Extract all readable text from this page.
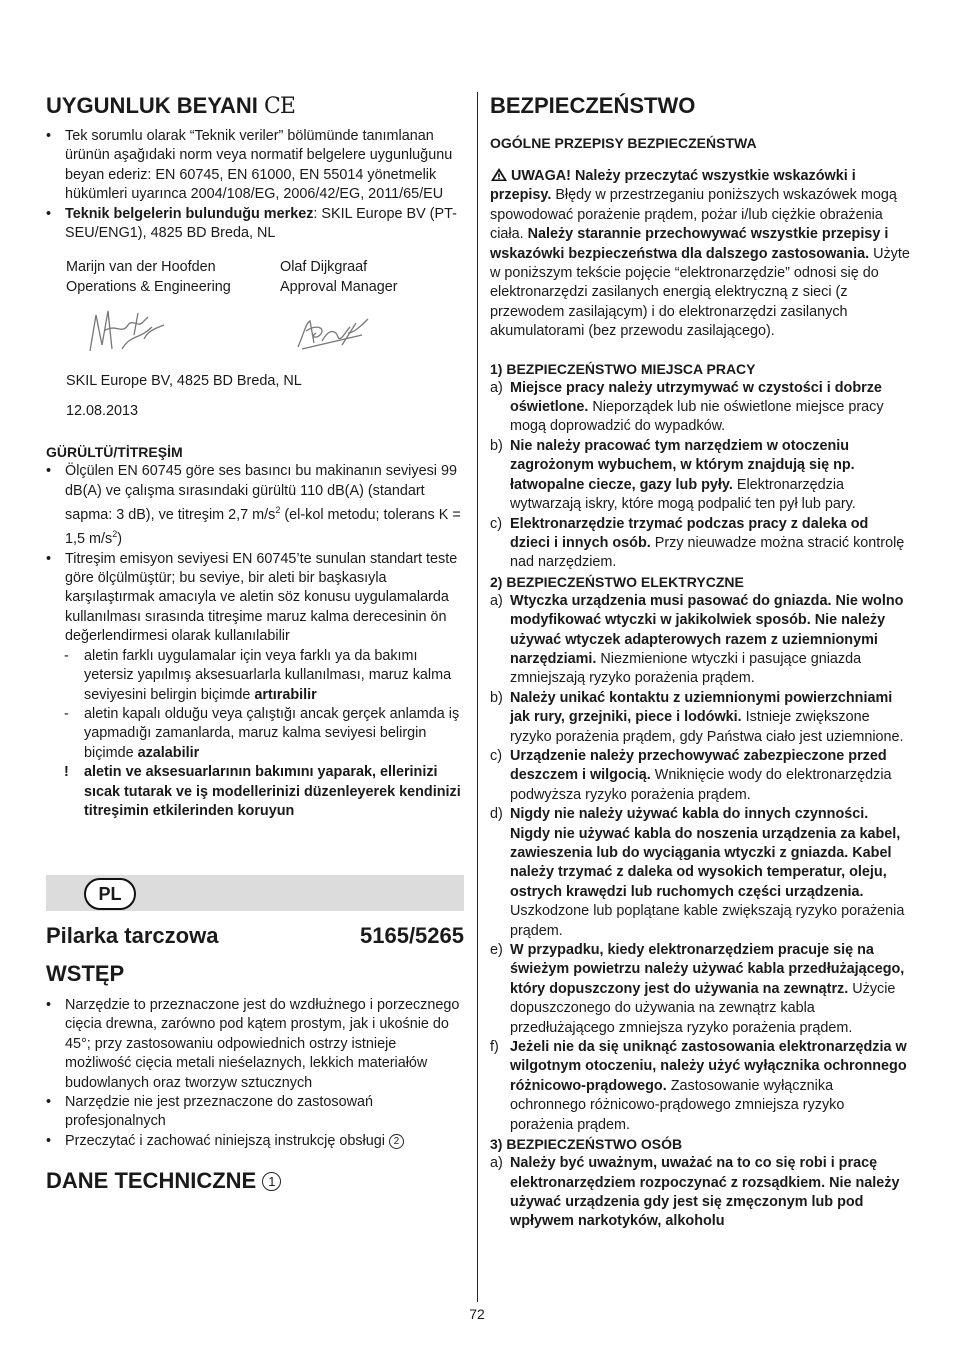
UYGUNLUK BEYANI CE
• Tek sorumlu olarak “Teknik veriler” bölümünde tanımlanan ürünün aşağıdaki norm veya normatif belgelere uygunluğunu beyan ederiz: EN 60745, EN 61000, EN 55014 yönetmelik hükümleri uyarınca 2004/108/EG, 2006/42/EG, 2011/65/EU
• Teknik belgelerin bulunduğu merkez: SKIL Europe BV (PT-SEU/ENG1), 4825 BD Breda, NL
Marijn van der Hoofden
Operations & Engineering
Olaf Dijkgraaf
Approval Manager
SKIL Europe BV, 4825 BD Breda, NL
12.08.2013
GÜRÜLTÜ/TİTREŞİM
• Ölçülen EN 60745 göre ses basıncı bu makinanın seviyesi 99 dB(A) ve çalışma sırasındaki gürültü 110 dB(A) (standart sapma: 3 dB), ve titreşim 2,7 $m/s^2$ (el-kol metodu; tolerans K = 1,5 $m/s^2$)
• Titreşim emisyon seviyesi EN 60745’te sunulan standart teste göre ölçülmüştür; bu seviye, bir aleti bir başkasıyla karşılaştırmak amacıyla ve aletin söz konusu uygulamalarda kullanılması sırasında titreşime maruz kalma derecesinin ön değerlendirmesi olarak kullanılabilir
- aletin farklı uygulamalar için veya farklı ya da bakımı yetersiz yapılmış aksesuarlarla kullanılması, maruz kalma seviyesini belirgin biçimde artırabilir
- aletin kapalı olduğu veya çalıştığı ancak gerçek anlamda iş yapmadığı zamanlarda, maruz kalma seviyesi belirgin biçimde azalabilir
! aletin ve aksesuarlarının bakımını yaparak, ellerinizi sıcak tutarak ve iş modellerinizi düzenleyerek kendinizi titreşimin etkilerinden koruyun
PL
Pilarka tarczowa	5165/5265
WSTĘP
• Narzędzie to przeznaczone jest do wzdłużnego i porzecznego cięcia drewna, zarówno pod kątem prostym, jak i ukośnie do 45°; przy zastosowaniu odpowiednich ostrzy istnieje możliwość cięcia metali nieśelaznych, lekkich materiałów budowlanych oraz tworzyw sztucznych
• Narzędzie nie jest przeznaczone do zastosowań profesjonalnych
• Przeczytać i zachować niniejszą instrukcję obsługi 2
DANE TECHNICZNE 1
BEZPIECZEŃSTWO
OGÓLNE PRZEPISY BEZPIECZEŃSTWA
UWAGA! Należy przeczytać wszystkie wskazówki i przepisy. Błędy w przestrzeganiu poniższych wskazówek mogą spowodować porażenie prądem, pożar i/lub ciężkie obrażenia ciała. Należy starannie przechowywać wszystkie przepisy i wskazówki bezpieczeństwa dla dalszego zastosowania. Użyte w poniższym tekście pojęcie “elektronarzędzie” odnosi się do elektronarzędzi zasilanych energią elektryczną z sieci (z przewodem zasilającym) i do elektronarzędzi zasilanych akumulatorami (bez przewodu zasilającego).
1) BEZPIECZEŃSTWO MIEJSCA PRACY
a) Miejsce pracy należy utrzymywać w czystości i dobrze oświetlone. Nieporządek lub nie oświetlone miejsce pracy mogą doprowadzić do wypadków.
b) Nie należy pracować tym narzędziem w otoczeniu zagrożonym wybuchem, w którym znajdują się np. łatwopalne ciecze, gazy lub pyły. Elektronarzędzia wytwarzają iskry, które mogą podpalić ten pył lub pary.
c) Elektronarzędzie trzymać podczas pracy z daleka od dzieci i innych osób. Przy nieuwadze można stracić kontrolę nad narzędziem.
2) BEZPIECZEŃSTWO ELEKTRYCZNE
a) Wtyczka urządzenia musi pasować do gniazda. Nie wolno modyfikować wtyczki w jakikolwiek sposób. Nie należy używać wtyczek adapterowych razem z uziemnionymi narzędziami. Niezmienione wtyczki i pasujące gniazda zmniejszają ryzyko porażenia prądem.
b) Należy unikać kontaktu z uziemnionymi powierzchniami jak rury, grzejniki, piece i lodówki. Istnieje zwiększone ryzyko porażenia prądem, gdy Państwa ciało jest uziemnione.
c) Urządzenie należy przechowywać zabezpieczone przed deszczem i wilgocią. Wniknięcie wody do elektronarzędzia podwyższa ryzyko porażenia prądem.
d) Nigdy nie należy używać kabla do innych czynności. Nigdy nie używać kabla do noszenia urządzenia za kabel, zawieszenia lub do wyciągania wtyczki z gniazda. Kabel należy trzymać z daleka od wysokich temperatur, oleju, ostrych krawędzi lub ruchomych części urządzenia. Uszkodzone lub poplątane kable zwiększają ryzyko porażenia prądem.
e) W przypadku, kiedy elektronarzędziem pracuje się na świeżym powietrzu należy używać kabla przedłużającego, który dopuszczony jest do używania na zewnątrz. Użycie dopuszczonego do używania na zewnątrz kabla przedłużającego zmniejsza ryzyko porażenia prądem.
f) Jeżeli nie da się uniknąć zastosowania elektronarzędzia w wilgotnym otoczeniu, należy użyć wyłącznika ochronnego różnicowo-prądowego. Zastosowanie wyłącznika ochronnego różnicowo-prądowego zmniejsza ryzyko porażenia prądem.
3) BEZPIECZEŃSTWO OSÓB
a) Należy być uważnym, uważać na to co się robi i pracę elektronarzędziem rozpoczynać z rozsądkiem. Nie należy używać urządzenia gdy jest się zmęczonym lub pod wpływem narkotyków, alkoholu
72
